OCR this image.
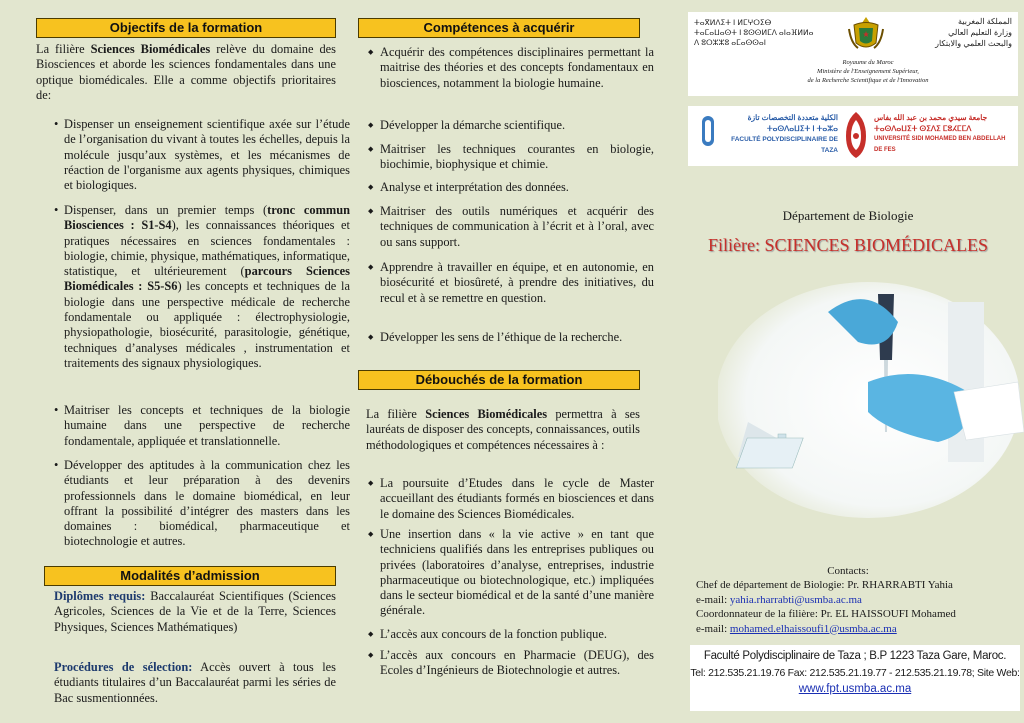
Objectifs de la formation
La filière Sciences Biomédicales relève du domaine des Biosciences et aborde les sciences fondamentales dans une optique biomédicales. Elle a comme objectifs prioritaires de:
• Dispenser un enseignement scientifique axée sur l’étude de l’organisation du vivant à toutes les échelles, depuis la molécule jusqu’aux systèmes, et les mécanismes de réaction de l'organisme aux agents physiques, chimiques et biologiques.
• Dispenser, dans un premier temps (tronc commun Biosciences : S1-S4), les connaissances théoriques et pratiques nécessaires en sciences fondamentales : biologie, chimie, physique, mathématiques, informatique, statistique, et ultérieurement (parcours Sciences Biomédicales : S5-S6) les concepts et techniques de la biologie dans une perspective médicale de recherche fondamentale ou appliquée : électrophysiologie, physiopathologie, biosécurité, parasitologie, génétique, techniques d’analyses médicales , instrumentation et traitements des signaux physiologiques.
• Maitriser les concepts et techniques de la biologie humaine dans une perspective de recherche fondamentale, appliquée et translationnelle.
• Développer des aptitudes à la communication chez les étudiants et leur préparation à des devenirs professionnels dans le domaine biomédical, en leur offrant la possibilité d’intégrer des masters dans les domaines : biomédical, pharmaceutique et biotechnologie et autres.
Modalités d’admission
Diplômes requis: Baccalauréat Scientifiques (Sciences Agricoles, Sciences de la Vie et de la Terre, Sciences Physiques, Sciences Mathématiques)
Procédures de sélection: Accès ouvert à tous les étudiants titulaires d’un Baccalauréat parmi les séries de Bac susmentionnées.
Compétences à acquérir
◆ Acquérir des compétences disciplinaires permettant la maitrise des théories et des concepts fondamentaux en biosciences, notamment la biologie humaine.
◆ Développer la démarche scientifique.
◆ Maitriser les techniques courantes en biologie, biochimie, biophysique et chimie.
◆ Analyse et interprétation des données.
◆ Maitriser des outils numériques et acquérir des techniques de communication à l’écrit et à l’oral, avec ou sans support.
◆ Apprendre à travailler en équipe, et en autonomie, en biosécurité et biosûreté, à prendre des initiatives, du recul et à se remettre en question.
◆ Développer les sens de l’éthique de la recherche.
Débouchés de la formation
La filière Sciences Biomédicales permettra à ses lauréats de disposer des concepts, connaissances, outils méthodologiques et compétences nécessaires à :
◆ La poursuite d’Etudes dans le cycle de Master accueillant des étudiants formés en biosciences et dans le domaine des Sciences Biomédicales.
◆ Une insertion dans « la vie active » en tant que techniciens qualifiés dans les entreprises publiques ou privées (laboratoires d’analyse, entreprises, industrie pharmaceutique ou biotechnologique, etc.) impliquées dans le secteur biomédical et de la santé d’une manière générale.
◆ L’accès aux concours de la fonction publique.
◆ L’accès aux concours en Pharmacie (DEUG), des Ecoles d’Ingénieurs de Biotechnologie et autres.
ⵜⴰⴳⵍⴷⵉⵜ ⵏ ⵍⵎⵖⵔⵉⴱ
ⵜⴰⵎⴰⵡⴰⵙⵜ ⵏ ⵓⵙⵙⵍⵎⴷ ⴰⵏⴰⴼⵍⵍⴰ
ⴷ ⵓⵔⵣⵣⵓ ⴰⵎⴰⵙⵙⴰⵏ
المملكة المغربية
وزارة التعليم العالي
والبحث العلمي والابتكار
Royaume du Maroc
Ministère de l'Enseignement Supérieur,
de la Recherche Scientifique et de l'Innovation
الكلية متعددة التخصصات تازة
ⵜⴰⵙⴷⴰⵡⵉⵜ ⵏ ⵜⴰⵣⴰ
FACULTÉ POLYDISCIPLINAIRE DE TAZA
جامعة سيدي محمد بن عبد الله بفاس
ⵜⴰⵙⴷⴰⵡⵉⵜ ⵙⵉⴷⵉ ⵎⵓⵃⵎⵎⴷ
UNIVERSITÉ SIDI MOHAMED BEN ABDELLAH DE FES
Département de Biologie
Filière: SCIENCES BIOMÉDICALES
Contacts:
Chef de département de Biologie: Pr. RHARRABTI Yahia
e-mail: yahia.rharrabti@usmba.ac.ma
Coordonnateur de la filière: Pr. EL HAISSOUFI Mohamed
e-mail: mohamed.elhaissoufi1@usmba.ac.ma
Faculté Polydisciplinaire de Taza ; B.P 1223 Taza Gare, Maroc.
Tel: 212.535.21.19.76 Fax: 212.535.21.19.77 - 212.535.21.19.78; Site Web:
www.fpt.usmba.ac.ma
